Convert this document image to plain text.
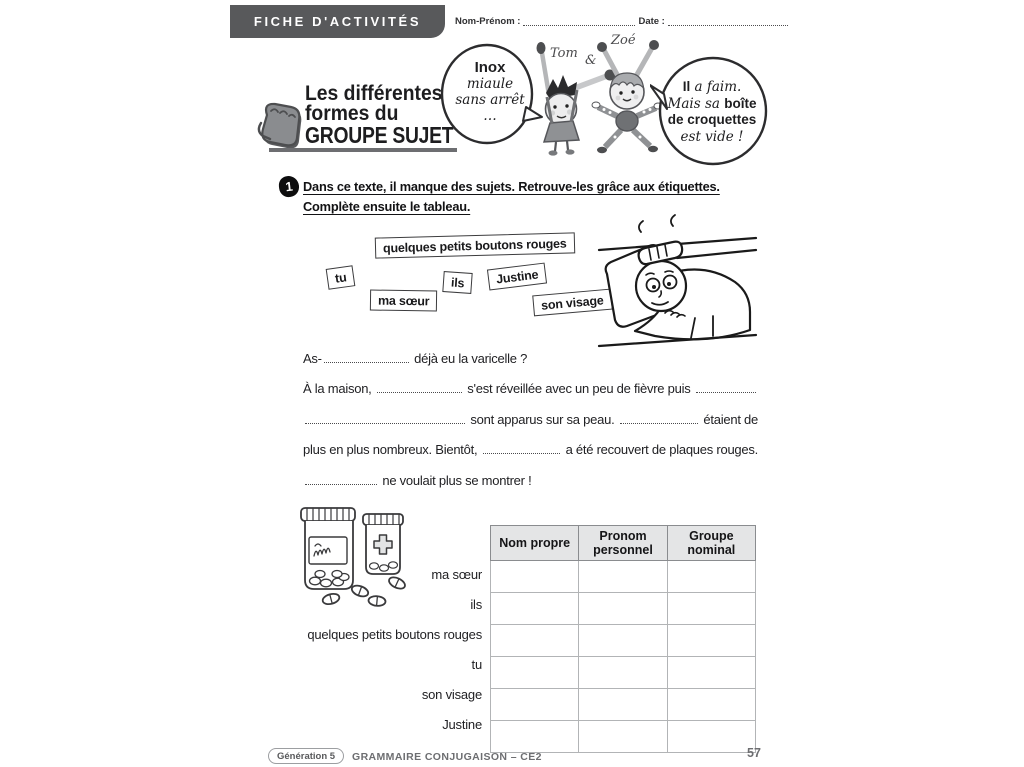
FICHE D'ACTIVITÉS	Nom-Prénom :	Date :
Les différentes
formes du
GROUPE SUJET
Inox
miaule
sans arrêt
…
Tom &
Zoé
Il a faim.
Mais sa boîte
de croquettes
est vide !
1 Dans ce texte, il manque des sujets. Retrouve-les grâce aux étiquettes.
Complète ensuite le tableau.
quelques petits boutons rouges
tu
ma sœur
ils	Justine
son visage
As-	déjà eu la varicelle ?
À la maison,	s'est réveillée avec un peu de fièvre puis
sont apparus sur sa peau.	étaient de
plus en plus nombreux. Bientôt,	a été recouvert de plaques rouges.
ne voulait plus se montrer !
Nom propre	Pronom personnel	Groupe nominal

ma sœur
ils
quelques petits boutons rouges
tu
son visage
Justine
Génération 5	GRAMMAIRE CONJUGAISON – CE2	57
